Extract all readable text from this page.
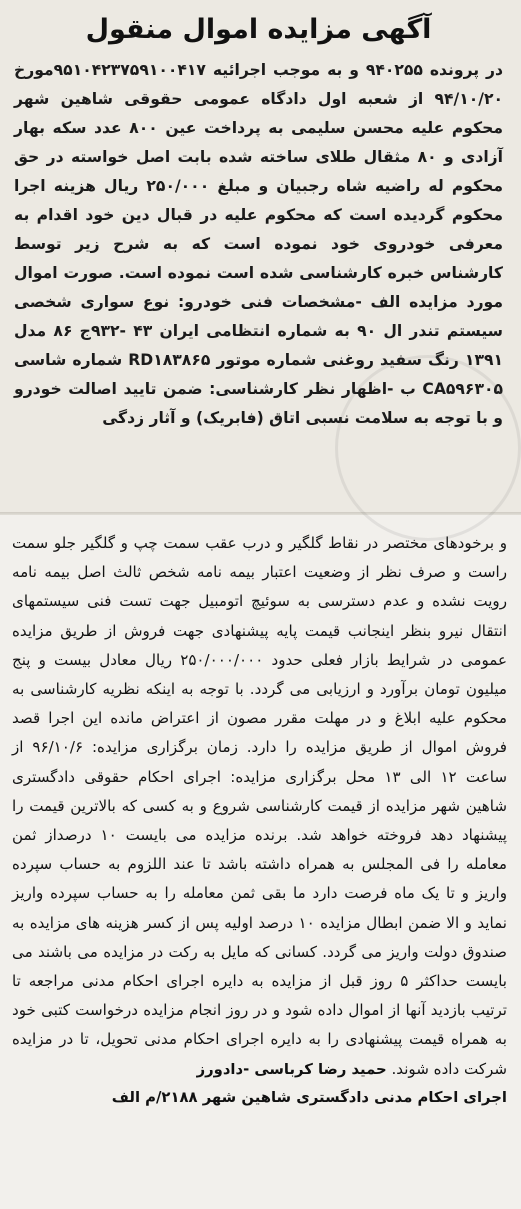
آگهی مزایده اموال منقول

در پرونده ۹۴۰۲۵۵ و به موجب اجرائیه ۹۵۱۰۴۲۳۷۵۹۱۰۰۴۱۷مورخ ۹۴/۱۰/۲۰ از شعبه اول دادگاه عمومی حقوقی شاهین شهر محکوم علیه محسن سلیمی به پرداخت عین ۸۰۰ عدد سکه بهار آزادی و ۸۰ مثقال طلای ساخته شده بابت اصل خواسته در حق محکوم له راضیه شاه رجبیان و مبلغ ۲۵۰/۰۰۰ ریال هزینه اجرا محکوم گردیده است که محکوم علیه در قبال دین خود اقدام به معرفی خودروی خود نموده است که به شرح زیر توسط کارشناس خبره کارشناسی شده است نموده است. صورت اموال مورد مزایده الف -مشخصات فنی خودرو: نوع سواری شخصی سیستم تندر ال ۹۰ به شماره انتظامی ایران ۴۳ -۹۳۲ج ۸۶ مدل ۱۳۹۱ رنگ سفید روغنی شماره موتور RD۱۸۳۸۶۵ شماره شاسی CA۵۹۶۳۰۵ ب -اظهار نظر کارشناسی: ضمن تایید اصالت خودرو و با توجه به سلامت نسبی اتاق (فابریک) و آثار زدگی

و برخودهای مختصر در نقاط گلگیر و درب عقب سمت چپ و گلگیر جلو سمت راست و صرف نظر از وضعیت اعتبار بیمه نامه شخص ثالث اصل بیمه نامه رویت نشده و عدم دسترسی به سوئیچ اتومبیل جهت تست فنی سیستمهای انتقال نیرو بنظر اینجانب قیمت پایه پیشنهادی جهت فروش از طریق مزایده عمومی در شرایط بازار فعلی حدود ۲۵۰/۰۰۰/۰۰۰ ریال معادل بیست و پنج میلیون تومان برآورد و ارزیابی می گردد. با توجه به اینکه نظریه کارشناسی به محکوم علیه ابلاغ و در مهلت مقرر مصون از اعتراض مانده این اجرا قصد فروش اموال از طریق مزایده را دارد. زمان برگزاری مزایده: ۹۶/۱۰/۶ از ساعت ۱۲ الی ۱۳ محل برگزاری مزایده: اجرای احکام حقوقی دادگستری شاهین شهر مزایده از قیمت کارشناسی شروع و به کسی که بالاترین قیمت را پیشنهاد دهد فروخته خواهد شد. برنده مزایده می بایست ۱۰ درصداز ثمن معامله را فی المجلس به همراه داشته باشد تا عند اللزوم به حساب سپرده واریز و تا یک ماه فرصت دارد ما بقی ثمن معامله را به حساب سپرده واریز نماید و الا ضمن ابطال مزایده ۱۰ درصد اولیه پس از کسر هزینه های مزایده به صندوق دولت واریز می گردد. کسانی که مایل به رکت در مزایده می باشند می بایست حداکثر ۵ روز قبل از مزایده به دایره اجرای احکام مدنی مراجعه تا ترتیب بازدید آنها از اموال داده شود و در روز انجام مزایده درخواست کتبی خود به همراه قیمت پیشنهادی را به دایره اجرای احکام مدنی تحویل، تا در مزایده شرکت داده شوند. حمید رضا کرباسی -دادورز

اجرای احکام مدنی دادگستری شاهین شهر ۲۱۸۸/م الف
